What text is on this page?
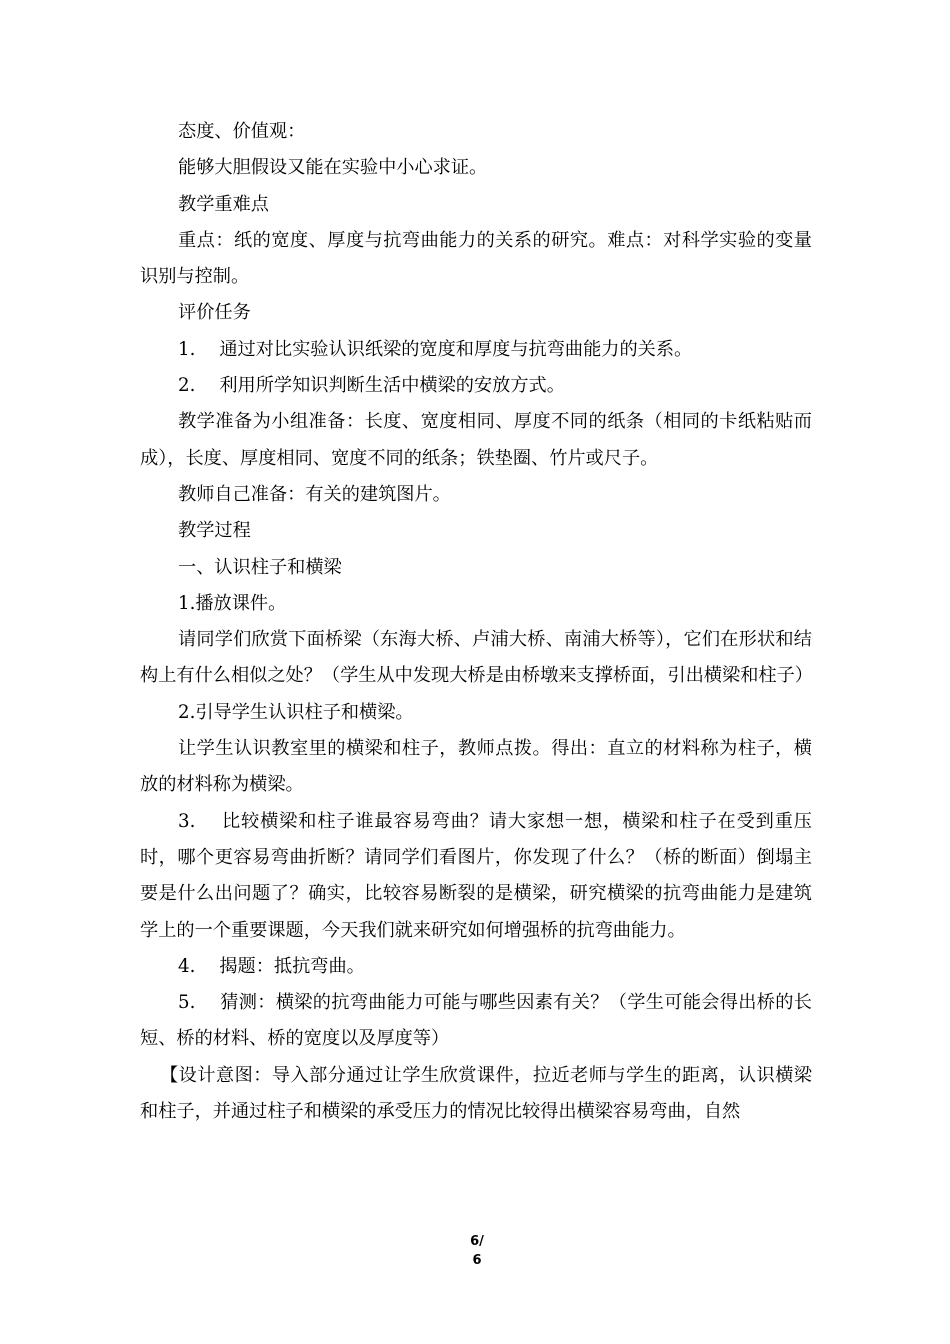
态度、价值观：

能够大胆假设又能在实验中小心求证。

教学重难点

重点：纸的宽度、厚度与抗弯曲能力的关系的研究。难点：对科学实验的变量识别与控制。

评价任务

1.　 通过对比实验认识纸梁的宽度和厚度与抗弯曲能力的关系。

2.　 利用所学知识判断生活中横梁的安放方式。

教学准备为小组准备：长度、宽度相同、厚度不同的纸条（相同的卡纸粘贴而成），长度、厚度相同、宽度不同的纸条；铁垫圈、竹片或尺子。

教师自己准备：有关的建筑图片。

教学过程

一、认识柱子和横梁

1.播放课件。

请同学们欣赏下面桥梁（东海大桥、卢浦大桥、南浦大桥等），它们在形状和结构上有什么相似之处？（学生从中发现大桥是由桥墩来支撑桥面，引出横梁和柱子）

2.引导学生认识柱子和横梁。

让学生认识教室里的横梁和柱子，教师点拨。得出：直立的材料称为柱子，横放的材料称为横梁。

3.　 比较横梁和柱子谁最容易弯曲？请大家想一想，横梁和柱子在受到重压时，哪个更容易弯曲折断？请同学们看图片，你发现了什么？（桥的断面）倒塌主要是什么出问题了？确实，比较容易断裂的是横梁，研究横梁的抗弯曲能力是建筑学上的一个重要课题，今天我们就来研究如何增强桥的抗弯曲能力。

4.　 揭题：抵抗弯曲。

5.　 猜测：横梁的抗弯曲能力可能与哪些因素有关？（学生可能会得出桥的长短、桥的材料、桥的宽度以及厚度等）

【设计意图：导入部分通过让学生欣赏课件，拉近老师与学生的距离，认识横梁和柱子，并通过柱子和横梁的承受压力的情况比较得出横梁容易弯曲，自然

6/
6
